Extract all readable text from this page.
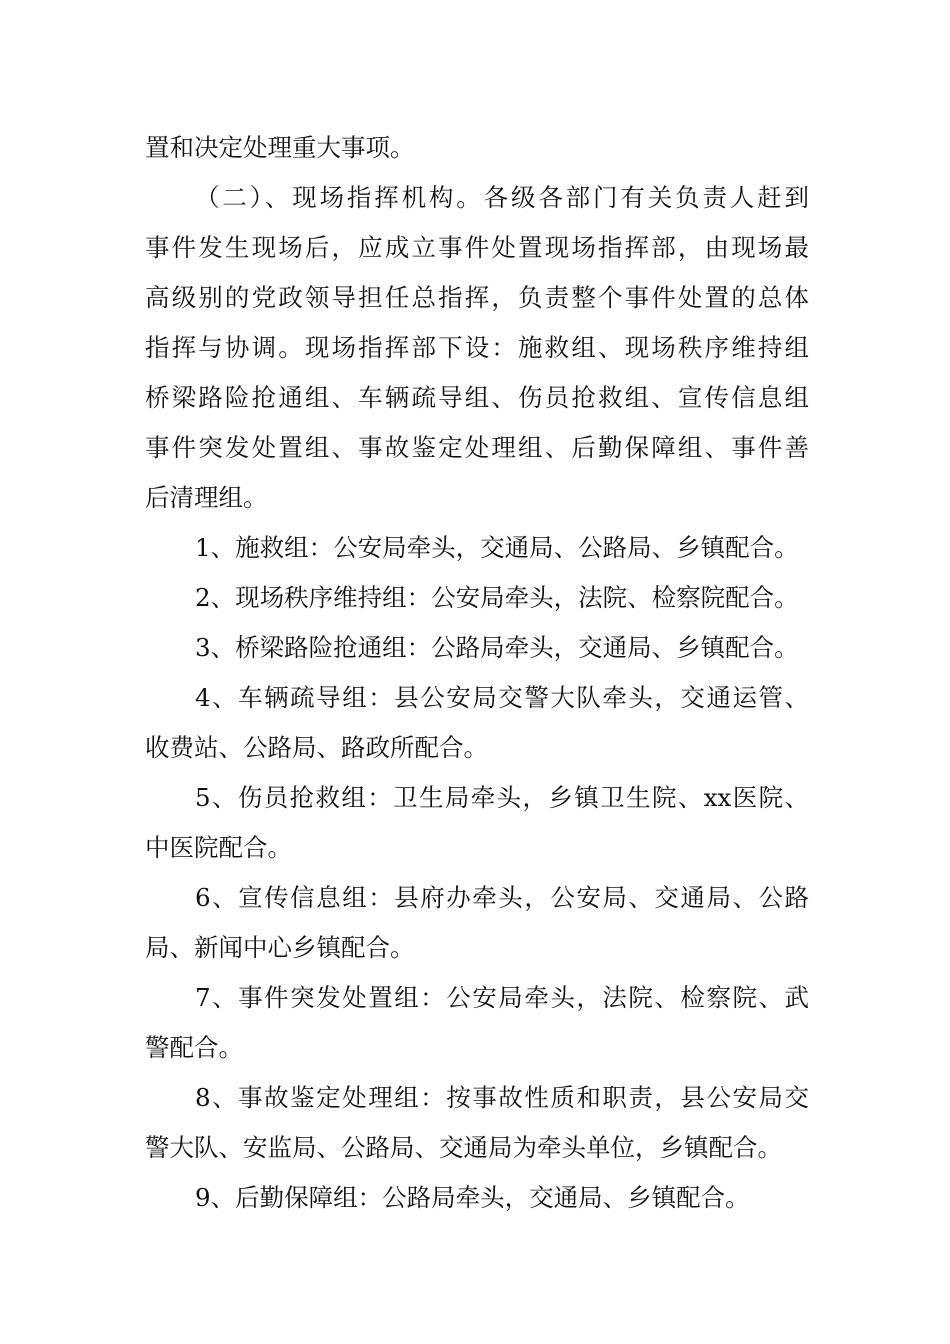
置和决定处理重大事项。
（二）、现场指挥机构。各级各部门有关负责人赶到
事件发生现场后，应成立事件处置现场指挥部，由现场最
高级别的党政领导担任总指挥，负责整个事件处置的总体
指挥与协调。现场指挥部下设：施救组、现场秩序维持组
桥梁路险抢通组、车辆疏导组、伤员抢救组、宣传信息组
事件突发处置组、事故鉴定处理组、后勤保障组、事件善
后清理组。
1、施救组：公安局牵头，交通局、公路局、乡镇配合。
2、现场秩序维持组：公安局牵头，法院、检察院配合。
3、桥梁路险抢通组：公路局牵头，交通局、乡镇配合。
4、车辆疏导组：县公安局交警大队牵头，交通运管、
收费站、公路局、路政所配合。
5、伤员抢救组：卫生局牵头，乡镇卫生院、xx医院、
中医院配合。
6、宣传信息组：县府办牵头，公安局、交通局、公路
局、新闻中心乡镇配合。
7、事件突发处置组：公安局牵头，法院、检察院、武
警配合。
8、事故鉴定处理组：按事故性质和职责，县公安局交
警大队、安监局、公路局、交通局为牵头单位，乡镇配合。
9、后勤保障组：公路局牵头，交通局、乡镇配合。
